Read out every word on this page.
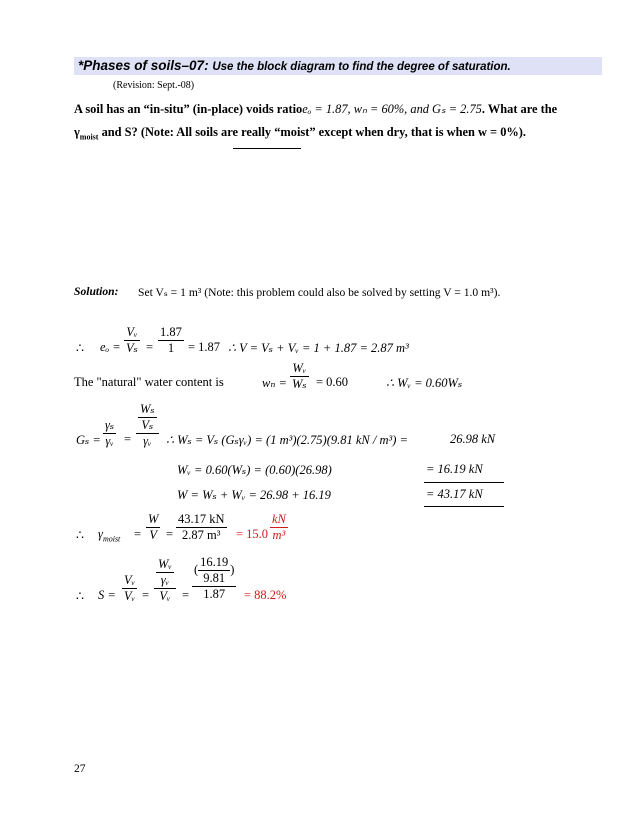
*Phases of soils–07: Use the block diagram to find the degree of saturation.
(Revision: Sept.-08)
A soil has an “in-situ” (in-place) voids ratioeₒ = 1.87, wₙ = 60%, and Gₛ = 2.75. What are the
$\gamma_{moist}$ and S? (Note: All soils are really “moist” except when dry, that is when w = 0%).
Solution: Set Vₛ = 1 m³ (Note: this problem could also be solved by setting V = 1.0 m³).
∴ $e_o = \frac{\text{Vᵥ}}{\text{Vₛ}} = \frac{1.87}{1} = 1.87$ ∴ V = Vₛ + Vᵥ = 1 + 1.87 = 2.87 m³
The "natural" water content is	$w_n = \frac{\text{Wᵥ}}{\text{Wₛ}} = 0.60$	∴ Wᵥ = 0.60Wₛ
$G_s = \frac{\text{γₛ}}{\text{γᵥ}} = \frac{\frac{\text{Wₛ}}{\text{Vₛ}}}{\text{γᵥ}}$ ∴ Wₛ = Vₛ (Gₛγᵥ) = (1 m³)(2.75)(9.81 kN / m³) =	26.98 kN
Wᵥ = 0.60(Wₛ) = (0.60)(26.98)	= 16.19 kN
W = Wₛ + Wᵥ = 26.98 + 16.19	= 43.17 kN
∴ $\gamma_{moist} = \frac{W}{V} = \frac{43.17 kN}{\text{2.87 m³}} = 15.0 \frac{kN}{\text{m³}}$
∴ $S = \frac{\text{Vᵥ}}{\text{Vᵥ}} = \frac{\frac{\text{Wᵥ}}{\text{γᵥ}}}{\text{Vᵥ}} = \frac{( \frac{16.19}{9.81} )}{1.87} = 88.2\%$
27
